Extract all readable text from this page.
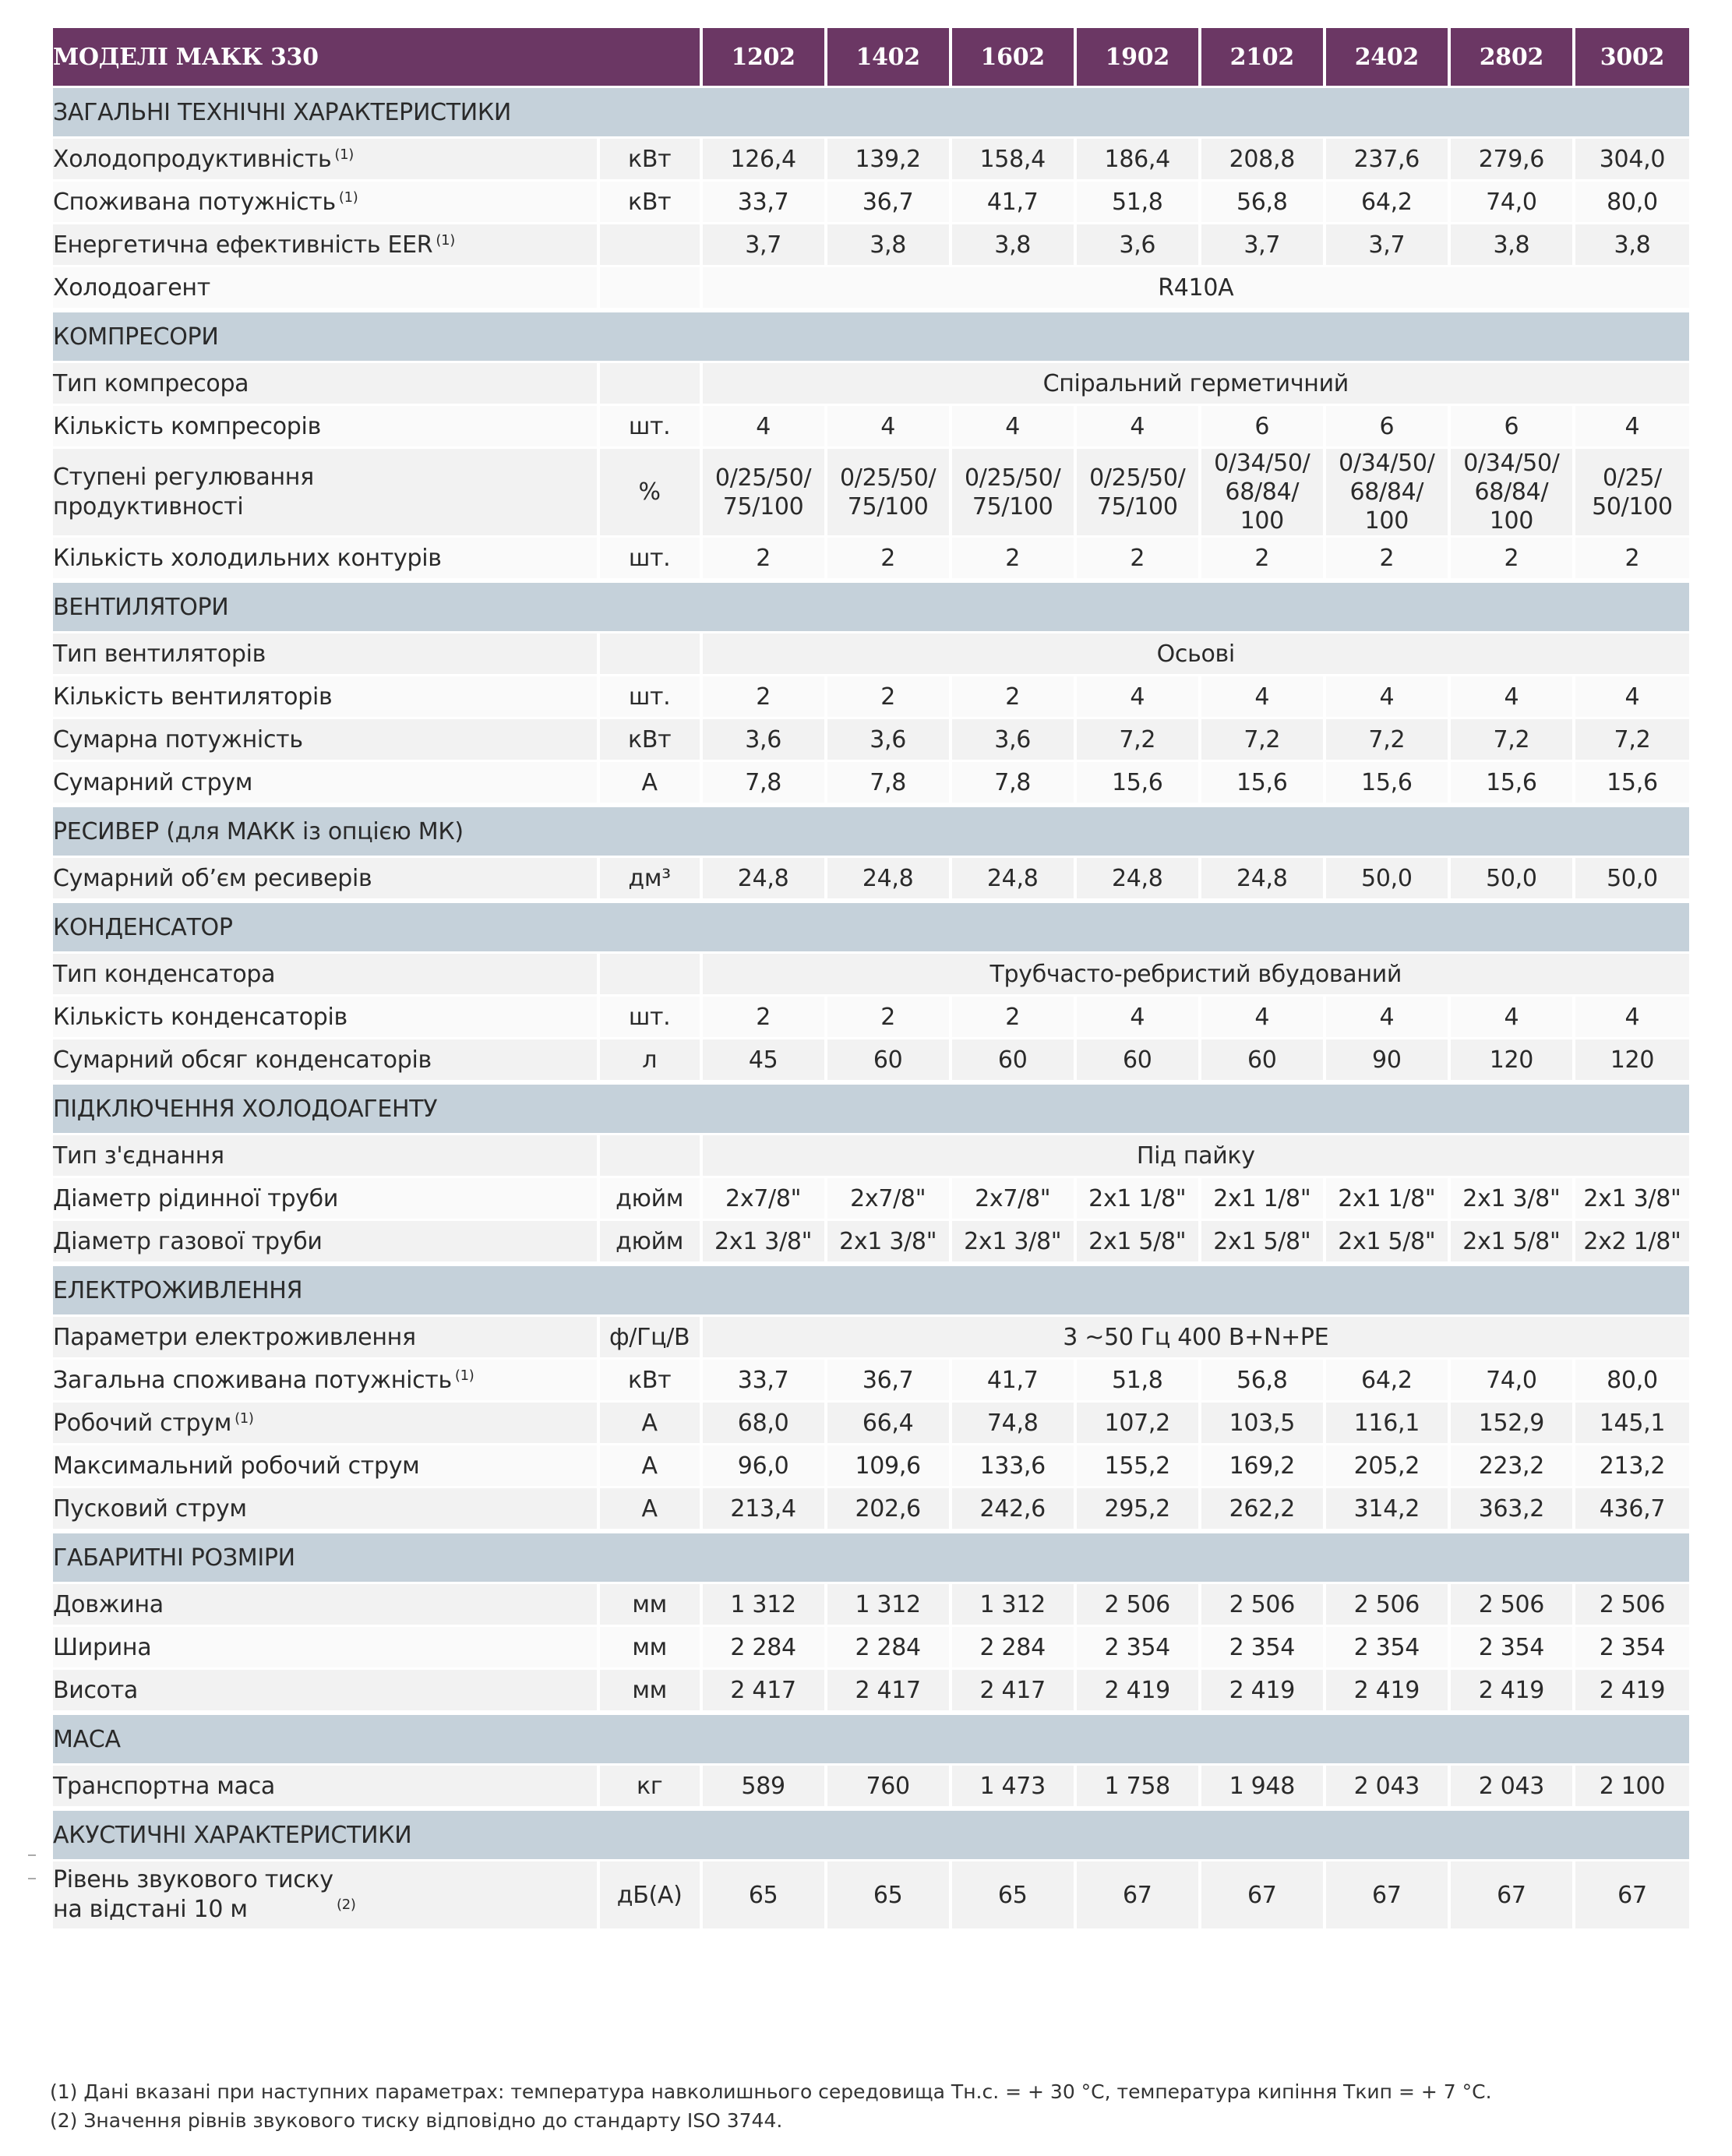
МОДЕЛІ МАКК 330		1202	1402	1602	1902	2102	2402	2802	3002

ЗАГАЛЬНІ ТЕХНІЧНІ ХАРАКТЕРИСТИКИ									

Холодопродуктивність $^{(1)}$	кВт	126,4	139,2	158,4	186,4	208,8	237,6	279,6	304,0

Споживана потужність $^{(1)}$	кВт	33,7	36,7	41,7	51,8	56,8	64,2	74,0	80,0

Енергетична ефективність EER $^{(1)}$		3,7	3,8	3,8	3,6	3,7	3,7	3,8	3,8

Холодоагент		R410A							

КОМПРЕСОРИ									

Тип компресора		Спіральний герметичний							

Кількість компресорів	шт.	4	4	4	4	6	6	6	4

Ступені регулювання продуктивності	%	0/25/50/ 75/100	0/25/50/ 75/100	0/25/50/ 75/100	0/25/50/ 75/100	0/34/50/ 68/84/ 100	0/34/50/ 68/84/ 100	0/34/50/ 68/84/ 100	0/25/ 50/100

Кількість холодильних контурів	шт.	2	2	2	2	2	2	2	2

ВЕНТИЛЯТОРИ									

Тип вентиляторів		Осьові							

Кількість вентиляторів	шт.	2	2	2	4	4	4	4	4

Сумарна потужність	кВт	3,6	3,6	3,6	7,2	7,2	7,2	7,2	7,2

Сумарний струм	А	7,8	7,8	7,8	15,6	15,6	15,6	15,6	15,6

РЕСИВЕР (для МАКК із опцією МК)									

Сумарний об’єм ресиверів	дм³	24,8	24,8	24,8	24,8	24,8	50,0	50,0	50,0

КОНДЕНСАТОР									

Тип конденсатора		Трубчасто-ребристий вбудований							

Кількість конденсаторів	шт.	2	2	2	4	4	4	4	4

Сумарний обсяг конденсаторів	л	45	60	60	60	60	90	120	120

ПІДКЛЮЧЕННЯ ХОЛОДОАГЕНТУ									

Тип з'єднання		Під пайку							

Діаметр рідинної труби	дюйм	2x7/8"	2x7/8"	2x7/8"	2x1 1/8"	2x1 1/8"	2x1 1/8"	2x1 3/8"	2x1 3/8"

Діаметр газової труби	дюйм	2x1 3/8"	2x1 3/8"	2x1 3/8"	2x1 5/8"	2x1 5/8"	2x1 5/8"	2x1 5/8"	2x2 1/8"

ЕЛЕКТРОЖИВЛЕННЯ									

Параметри електроживлення	ф/Гц/В	3 ~50 Гц 400 В+N+PE							

Загальна споживана потужність $^{(1)}$	кВт	33,7	36,7	41,7	51,8	56,8	64,2	74,0	80,0

Робочий струм $^{(1)}$	А	68,0	66,4	74,8	107,2	103,5	116,1	152,9	145,1

Максимальний робочий струм	А	96,0	109,6	133,6	155,2	169,2	205,2	223,2	213,2

Пусковий струм	А	213,4	202,6	242,6	295,2	262,2	314,2	363,2	436,7

ГАБАРИТНІ РОЗМІРИ									

Довжина	мм	1 312	1 312	1 312	2 506	2 506	2 506	2 506	2 506

Ширина	мм	2 284	2 284	2 284	2 354	2 354	2 354	2 354	2 354

Висота	мм	2 417	2 417	2 417	2 419	2 419	2 419	2 419	2 419

МАСА									

Транспортна маса	кг	589	760	1 473	1 758	1 948	2 043	2 043	2 100

АКУСТИЧНІ ХАРАКТЕРИСТИКИ									

Рівень звукового тиску на відстані 10 м $^{(2)}$	дБ(А)	65	65	65	67	67	67	67	67

(1) Дані вказані при наступних параметрах: температура навколишнього середовища Тн.с. = + 30 °С, температура кипіння Ткип = + 7 °С.
(2) Значення рівнів звукового тиску відповідно до стандарту ISO 3744.
